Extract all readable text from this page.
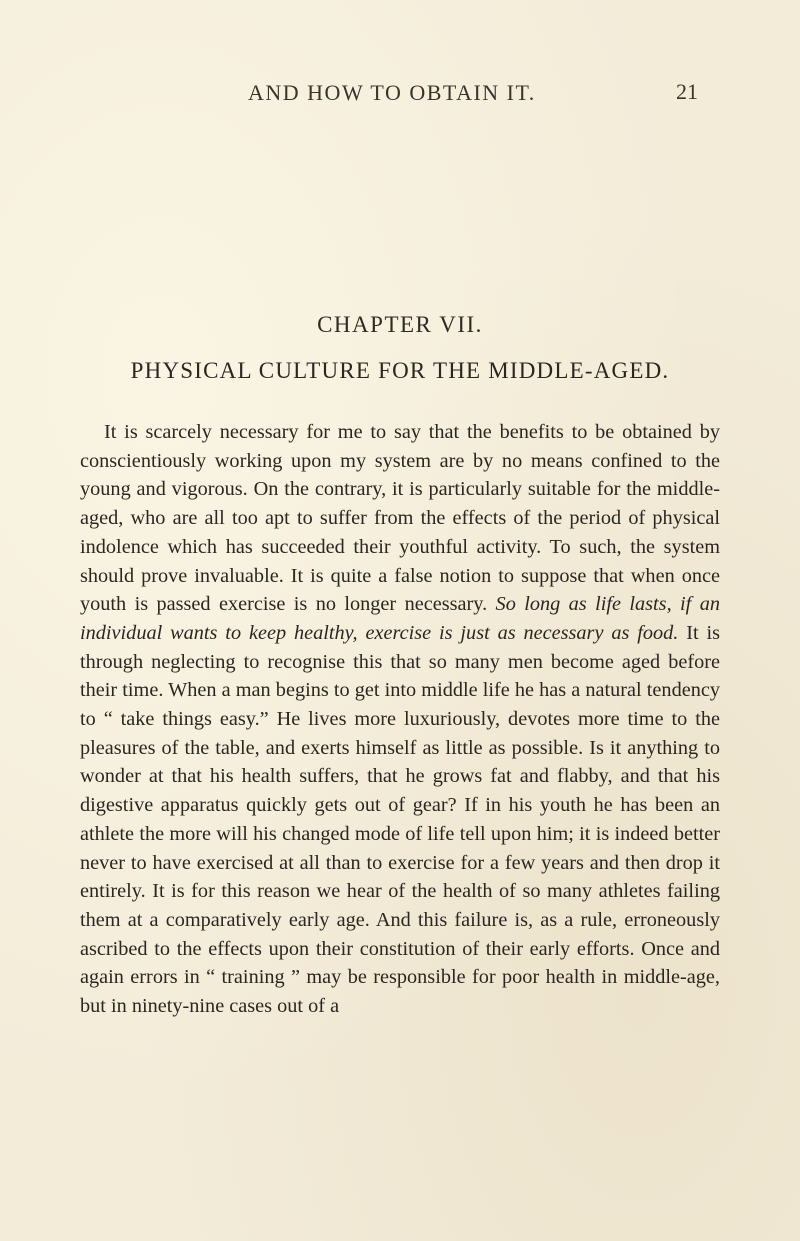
AND HOW TO OBTAIN IT.	21
CHAPTER VII.
PHYSICAL CULTURE FOR THE MIDDLE-AGED.

It is scarcely necessary for me to say that the benefits to be obtained by conscientiously working upon my system are by no means confined to the young and vigorous. On the contrary, it is particularly suitable for the middle-aged, who are all too apt to suffer from the effects of the period of physical indolence which has succeeded their youthful activity. To such, the system should prove invaluable. It is quite a false notion to suppose that when once youth is passed exercise is no longer necessary. So long as life lasts, if an individual wants to keep healthy, exercise is just as necessary as food. It is through neglecting to recognise this that so many men become aged before their time. When a man begins to get into middle life he has a natural tendency to “ take things easy.” He lives more luxuriously, devotes more time to the pleasures of the table, and exerts himself as little as possible. Is it anything to wonder at that his health suffers, that he grows fat and flabby, and that his digestive apparatus quickly gets out of gear? If in his youth he has been an athlete the more will his changed mode of life tell upon him; it is indeed better never to have exercised at all than to exercise for a few years and then drop it entirely. It is for this reason we hear of the health of so many athletes failing them at a comparatively early age. And this failure is, as a rule, erroneously ascribed to the effects upon their constitution of their early efforts. Once and again errors in “ training ” may be responsible for poor health in middle-age, but in ninety-nine cases out of a
